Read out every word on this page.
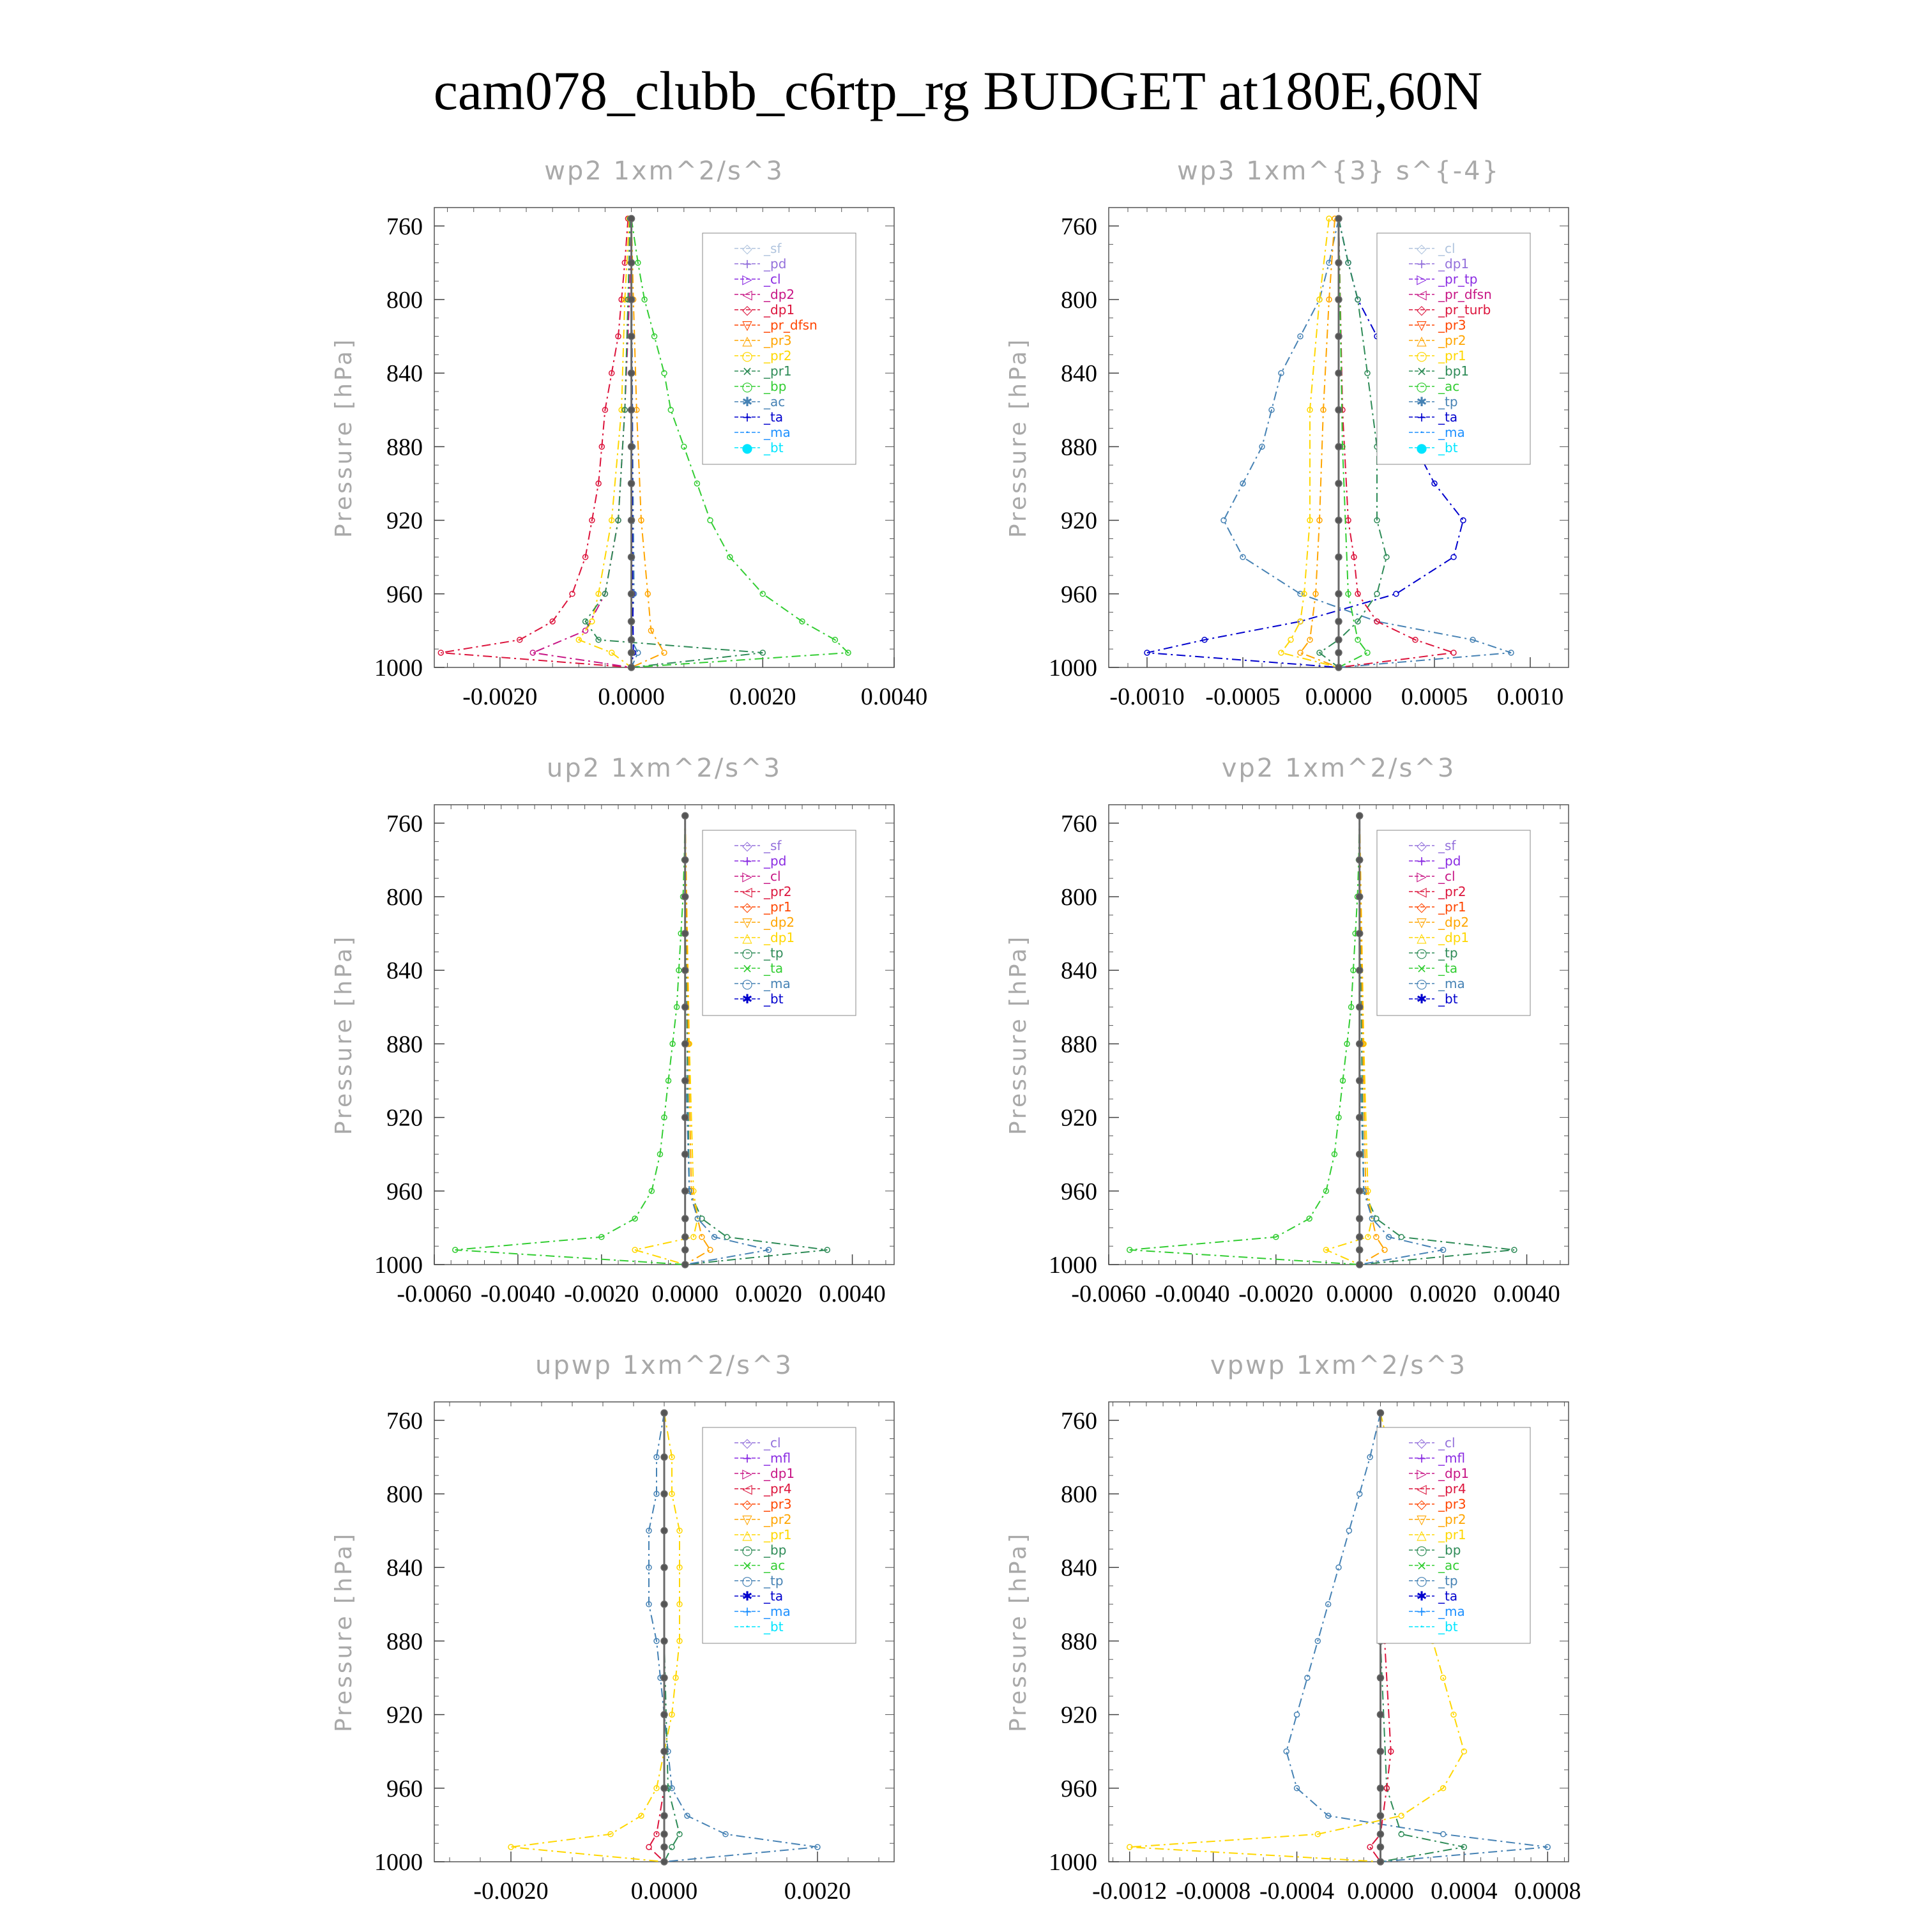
cam078_clubb_c6rtp_rg BUDGET at180E,60N
wp2 1xm^2/s^3
760
800
840
880
920
960
1000
-0.0020 0.0000	0.0020	0.0040
Pressure [hPa]
◇ _sf
+ _pd
▷ _cl
◁ _dp2
◇ _dp1
▽ _pr_dfsn
△ _pr3
○ _pr2
× _pr1
○ _bp
✱ _ac
+ _ta
· _ma
● _bt
wp3 1xm^{3} s^{-4}
760
800
840
880
920
960
1000
-0.0010 -0.0005 0.0000 0.0005 0.0010
Pressure [hPa]
◇ _cl
+ _dp1
▷ _pr_tp
◁ _pr_dfsn
◇ _pr_turb
▽ _pr3
△ _pr2
○ _pr1
× _bp1
○ _ac
✱ _tp
+ _ta
· _ma
● _bt
up2 1xm^2/s^3
760
800
840
880
920
960
1000
-0.0060 -0.0040 -0.0020 0.0000 0.0020 0.0040
Pressure [hPa]
◇ _sf
+ _pd
▷ _cl
◁ _pr2
◇ _pr1
▽ _dp2
△ _dp1
○ _tp
× _ta
○ _ma
✱ _bt
vp2 1xm^2/s^3
760
800
840
880
920
960
1000
-0.0060 -0.0040 -0.0020 0.0000 0.0020 0.0040
Pressure [hPa]
◇ _sf
+ _pd
▷ _cl
◁ _pr2
◇ _pr1
▽ _dp2
△ _dp1
○ _tp
× _ta
○ _ma
✱ _bt
upwp 1xm^2/s^3
760
800
840
880
920
960
1000
-0.0020	0.0000	0.0020
Pressure [hPa]
◇ _cl
+ _mfl
▷ _dp1
◁ _pr4
◇ _pr3
▽ _pr2
△ _pr1
○ _bp
× _ac
○ _tp
✱ _ta
+ _ma
· _bt
vpwp 1xm^2/s^3
760
800
840
880
920
960
1000
-0.0012 -0.0008 -0.0004 0.0000 0.0004 0.0008
Pressure [hPa]
◇ _cl
+ _mfl
▷ _dp1
◁ _pr4
◇ _pr3
▽ _pr2
△ _pr1
○ _bp
× _ac
○ _tp
✱ _ta
+ _ma
· _bt
